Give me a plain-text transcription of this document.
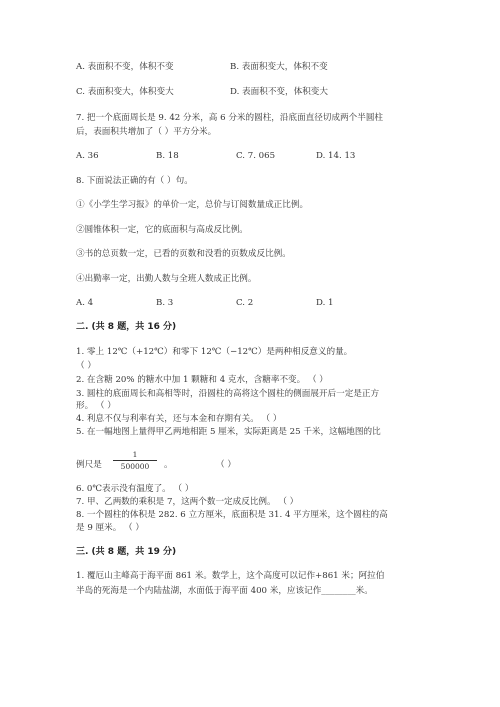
A. 表面积不变，体积不变	B. 表面积变大，体积不变
C. 表面积变大，体积变大	D. 表面积不变，体积变大
7. 把一个底面周长是 9. 42 分米，高 6 分米的圆柱，沿底面直径切成两个半圆柱
后，表面积共增加了（ ）平方分米。
A. 36	B. 18	C. 7. 065	D. 14. 13
8. 下面说法正确的有（ ）句。
①《小学生学习报》的单价一定，总价与订阅数量成正比例。
②圆锥体积一定，它的底面积与高成反比例。
③书的总页数一定，已看的页数和没看的页数成反比例。
④出勤率一定，出勤人数与全班人数成正比例。
A. 4	B. 3	C. 2	D. 1
二. (共 8 题，共 16 分)
1. 零上 12℃（+12℃）和零下 12℃（−12℃）是两种相反意义的量。
（ ）
2. 在含糖 20% 的糖水中加 1 颗糖和 4 克水，含糖率不变。 （ ）
3. 圆柱的底面周长和高相等时，沿圆柱的高将这个圆柱的侧面展开后一定是正方
形。 （ ）
4. 利息不仅与利率有关，还与本金和存期有关。 （ ）
5. 在一幅地图上量得甲乙两地相距 5 厘米，实际距离是 25 千米，这幅地图的比
例尺是
1
500000	。	（ ）
6. 0℃表示没有温度了。 （ ）
7. 甲、乙两数的乘积是 7，这两个数一定成反比例。 （ ）
8. 一个圆柱的体积是 282. 6 立方厘米，底面积是 31. 4 平方厘米，这个圆柱的高
是 9 厘米。 （ ）
三. (共 8 题，共 19 分)
1. 覆厄山主峰高于海平面 861 米。数学上，这个高度可以记作+861 米；阿拉伯
半岛的死海是一个内陆盐湖，水面低于海平面 400 米，应该记作________米。
